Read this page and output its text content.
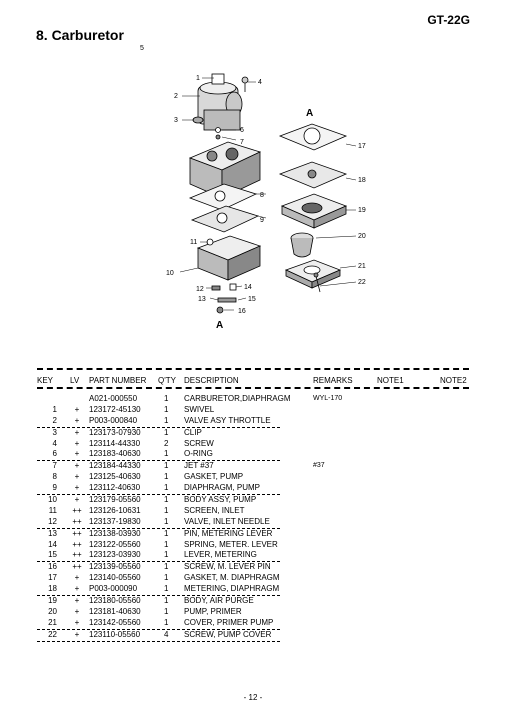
GT-22G
8. Carburetor
1
2
3
4
5
6
7
8
9
10
11
12
13
14
15
16
17
18
19
20
21
22
A
A
KEY LV PART NUMBER Q'TY DESCRIPTION	REMARKS	NOTE1	NOTE2
A021-000550	1 CARBURETOR,DIAPHRAGM	WYL-170
1	+	123172-45130	1 SWIVEL
2	+	P003-000840	1 VALVE ASY THROTTLE
3	+	123173-07930	1 CLIP
4	+	123114-44330	2 SCREW
6	+	123183-40630	1 O-RING
7	+	123184-44330	1 JET #37	#37
8	+	123125-40630	1 GASKET, PUMP
9	+	123112-40630	1 DIAPHRAGM, PUMP
10	+	123179-05560	1 BODY ASSY, PUMP
11 ++ 123126-10631	1 SCREEN, INLET
12 ++ 123137-19830	1 VALVE, INLET NEEDLE
13 ++ 123138-03930	1 PIN, METERING LEVER
14 ++ 123122-05560	1 SPRING, METER. LEVER
15 ++ 123123-03930	1 LEVER, METERING
16 ++ 123139-05560	1 SCREW, M. LEVER PIN
17	+	123140-05560	1 GASKET, M. DIAPHRAGM
18	+	P003-000090	1 METERING, DIAPHRAGM
19	+	123180-05560	1 BODY, AIR PURGE
20	+	123181-40630	1 PUMP, PRIMER
21	+	123142-05560	1 COVER, PRIMER PUMP
22	+	123110-05560	4 SCREW, PUMP COVER
- 12 -
